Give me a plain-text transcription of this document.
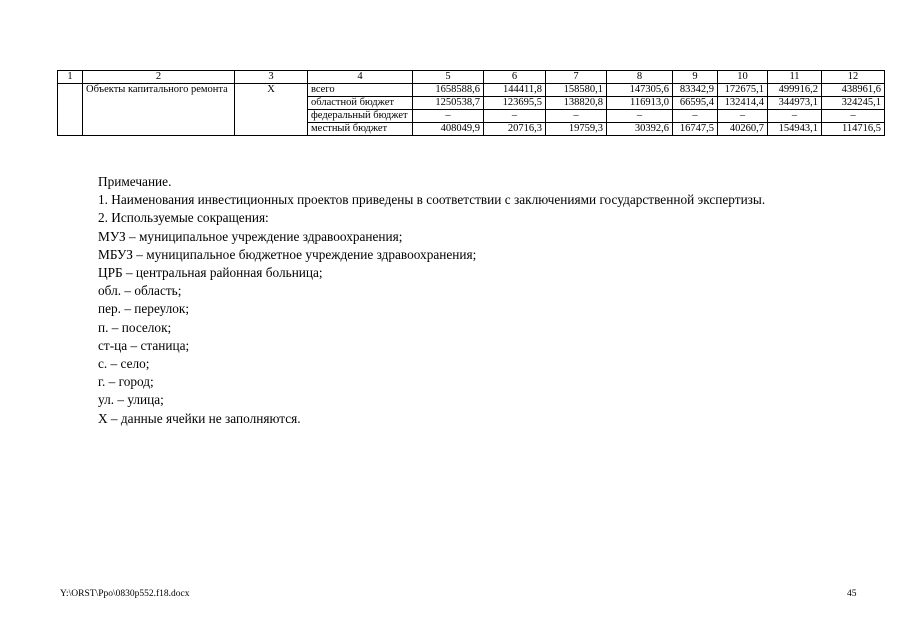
1	2	3	4	5	6	7	8	9	10	11	12
	Объекты капитального ремонта	Х	всего	1658588,6	144411,8	158580,1	147305,6	83342,9	172675,1	499916,2	438961,6
			областной бюджет	1250538,7	123695,5	138820,8	116913,0	66595,4	132414,4	344973,1	324245,1
			федеральный бюджет	–	–	–	–	–	–	–	–
			местный бюджет	408049,9	20716,3	19759,3	30392,6	16747,5	40260,7	154943,1	114716,5
Примечание.
1. Наименования инвестиционных проектов приведены в соответствии с заключениями государственной экспертизы.
2. Используемые сокращения:
МУЗ – муниципальное учреждение здравоохранения;
МБУЗ – муниципальное бюджетное учреждение здравоохранения;
ЦРБ – центральная районная больница;
обл. – область;
пер. – переулок;
п. – поселок;
ст-ца – станица;
с. – село;
г. – город;
ул. – улица;
Х – данные ячейки не заполняются.
Y:\ORST\Ppo\0830p552.f18.docx	45
